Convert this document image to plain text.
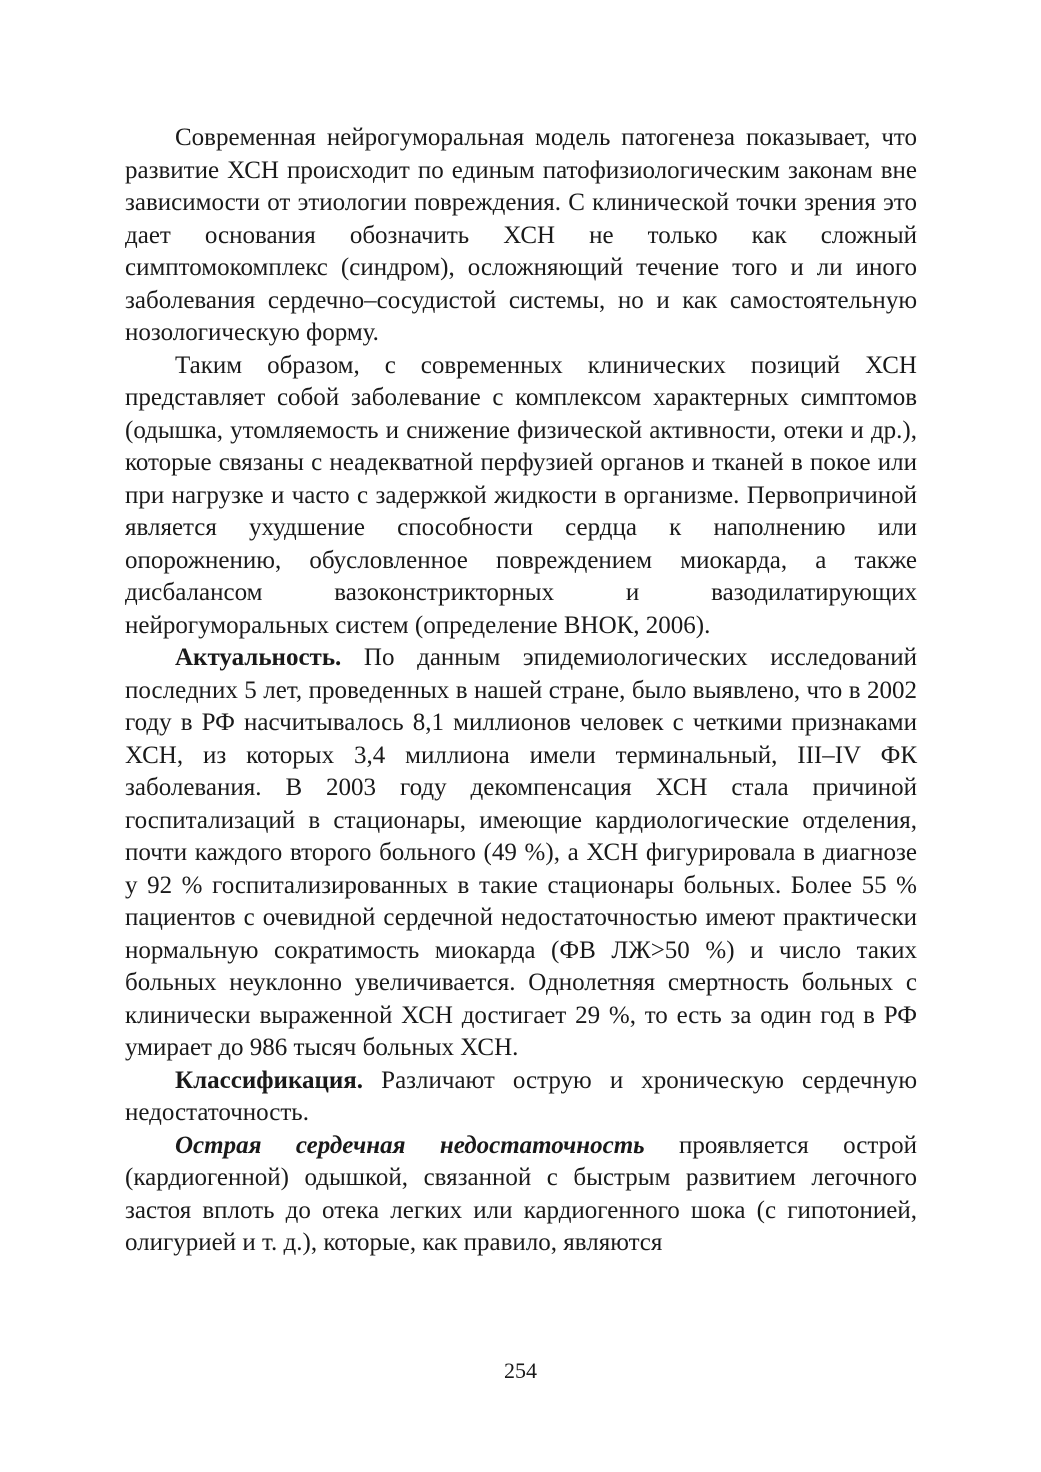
Современная нейрогуморальная модель патогенеза показывает, что развитие ХСН происходит по единым патофизиологическим законам вне зависимости от этиологии повреждения. С клинической точки зрения это дает основания обозначить ХСН не только как сложный симптомокомплекс (синдром), осложняющий течение того и ли иного заболевания сердечно–сосудистой системы, но и как самостоятельную нозологическую форму.

Таким образом, с современных клинических позиций ХСН представляет собой заболевание с комплексом характерных симптомов (одышка, утомляемость и снижение физической активности, отеки и др.), которые связаны с неадекватной перфузией органов и тканей в покое или при нагрузке и часто с задержкой жидкости в организме. Первопричиной является ухудшение способности сердца к наполнению или опорожнению, обусловленное повреждением миокарда, а также дисбалансом вазоконстрикторных и вазодилатирующих нейрогуморальных систем (определение ВНОК, 2006).

Актуальность. По данным эпидемиологических исследований последних 5 лет, проведенных в нашей стране, было выявлено, что в 2002 году в РФ насчитывалось 8,1 миллионов человек с четкими признаками ХСН, из которых 3,4 миллиона имели терминальный, III–IV ФК заболевания. В 2003 году декомпенсация ХСН стала причиной госпитализаций в стационары, имеющие кардиологические отделения, почти каждого второго больного (49 %), а ХСН фигурировала в диагнозе у 92 % госпитализированных в такие стационары больных. Более 55 % пациентов с очевидной сердечной недостаточностью имеют практически нормальную сократимость миокарда (ФВ ЛЖ>50 %) и число таких больных неуклонно увеличивается. Однолетняя смертность больных с клинически выраженной ХСН достигает 29 %, то есть за один год в РФ умирает до 986 тысяч больных ХСН.

Классификация. Различают острую и хроническую сердечную недостаточность.

Острая сердечная недостаточность проявляется острой (кардиогенной) одышкой, связанной с быстрым развитием легочного застоя вплоть до отека легких или кардиогенного шока (с гипотонией, олигурией и т. д.), которые, как правило, являются

254
